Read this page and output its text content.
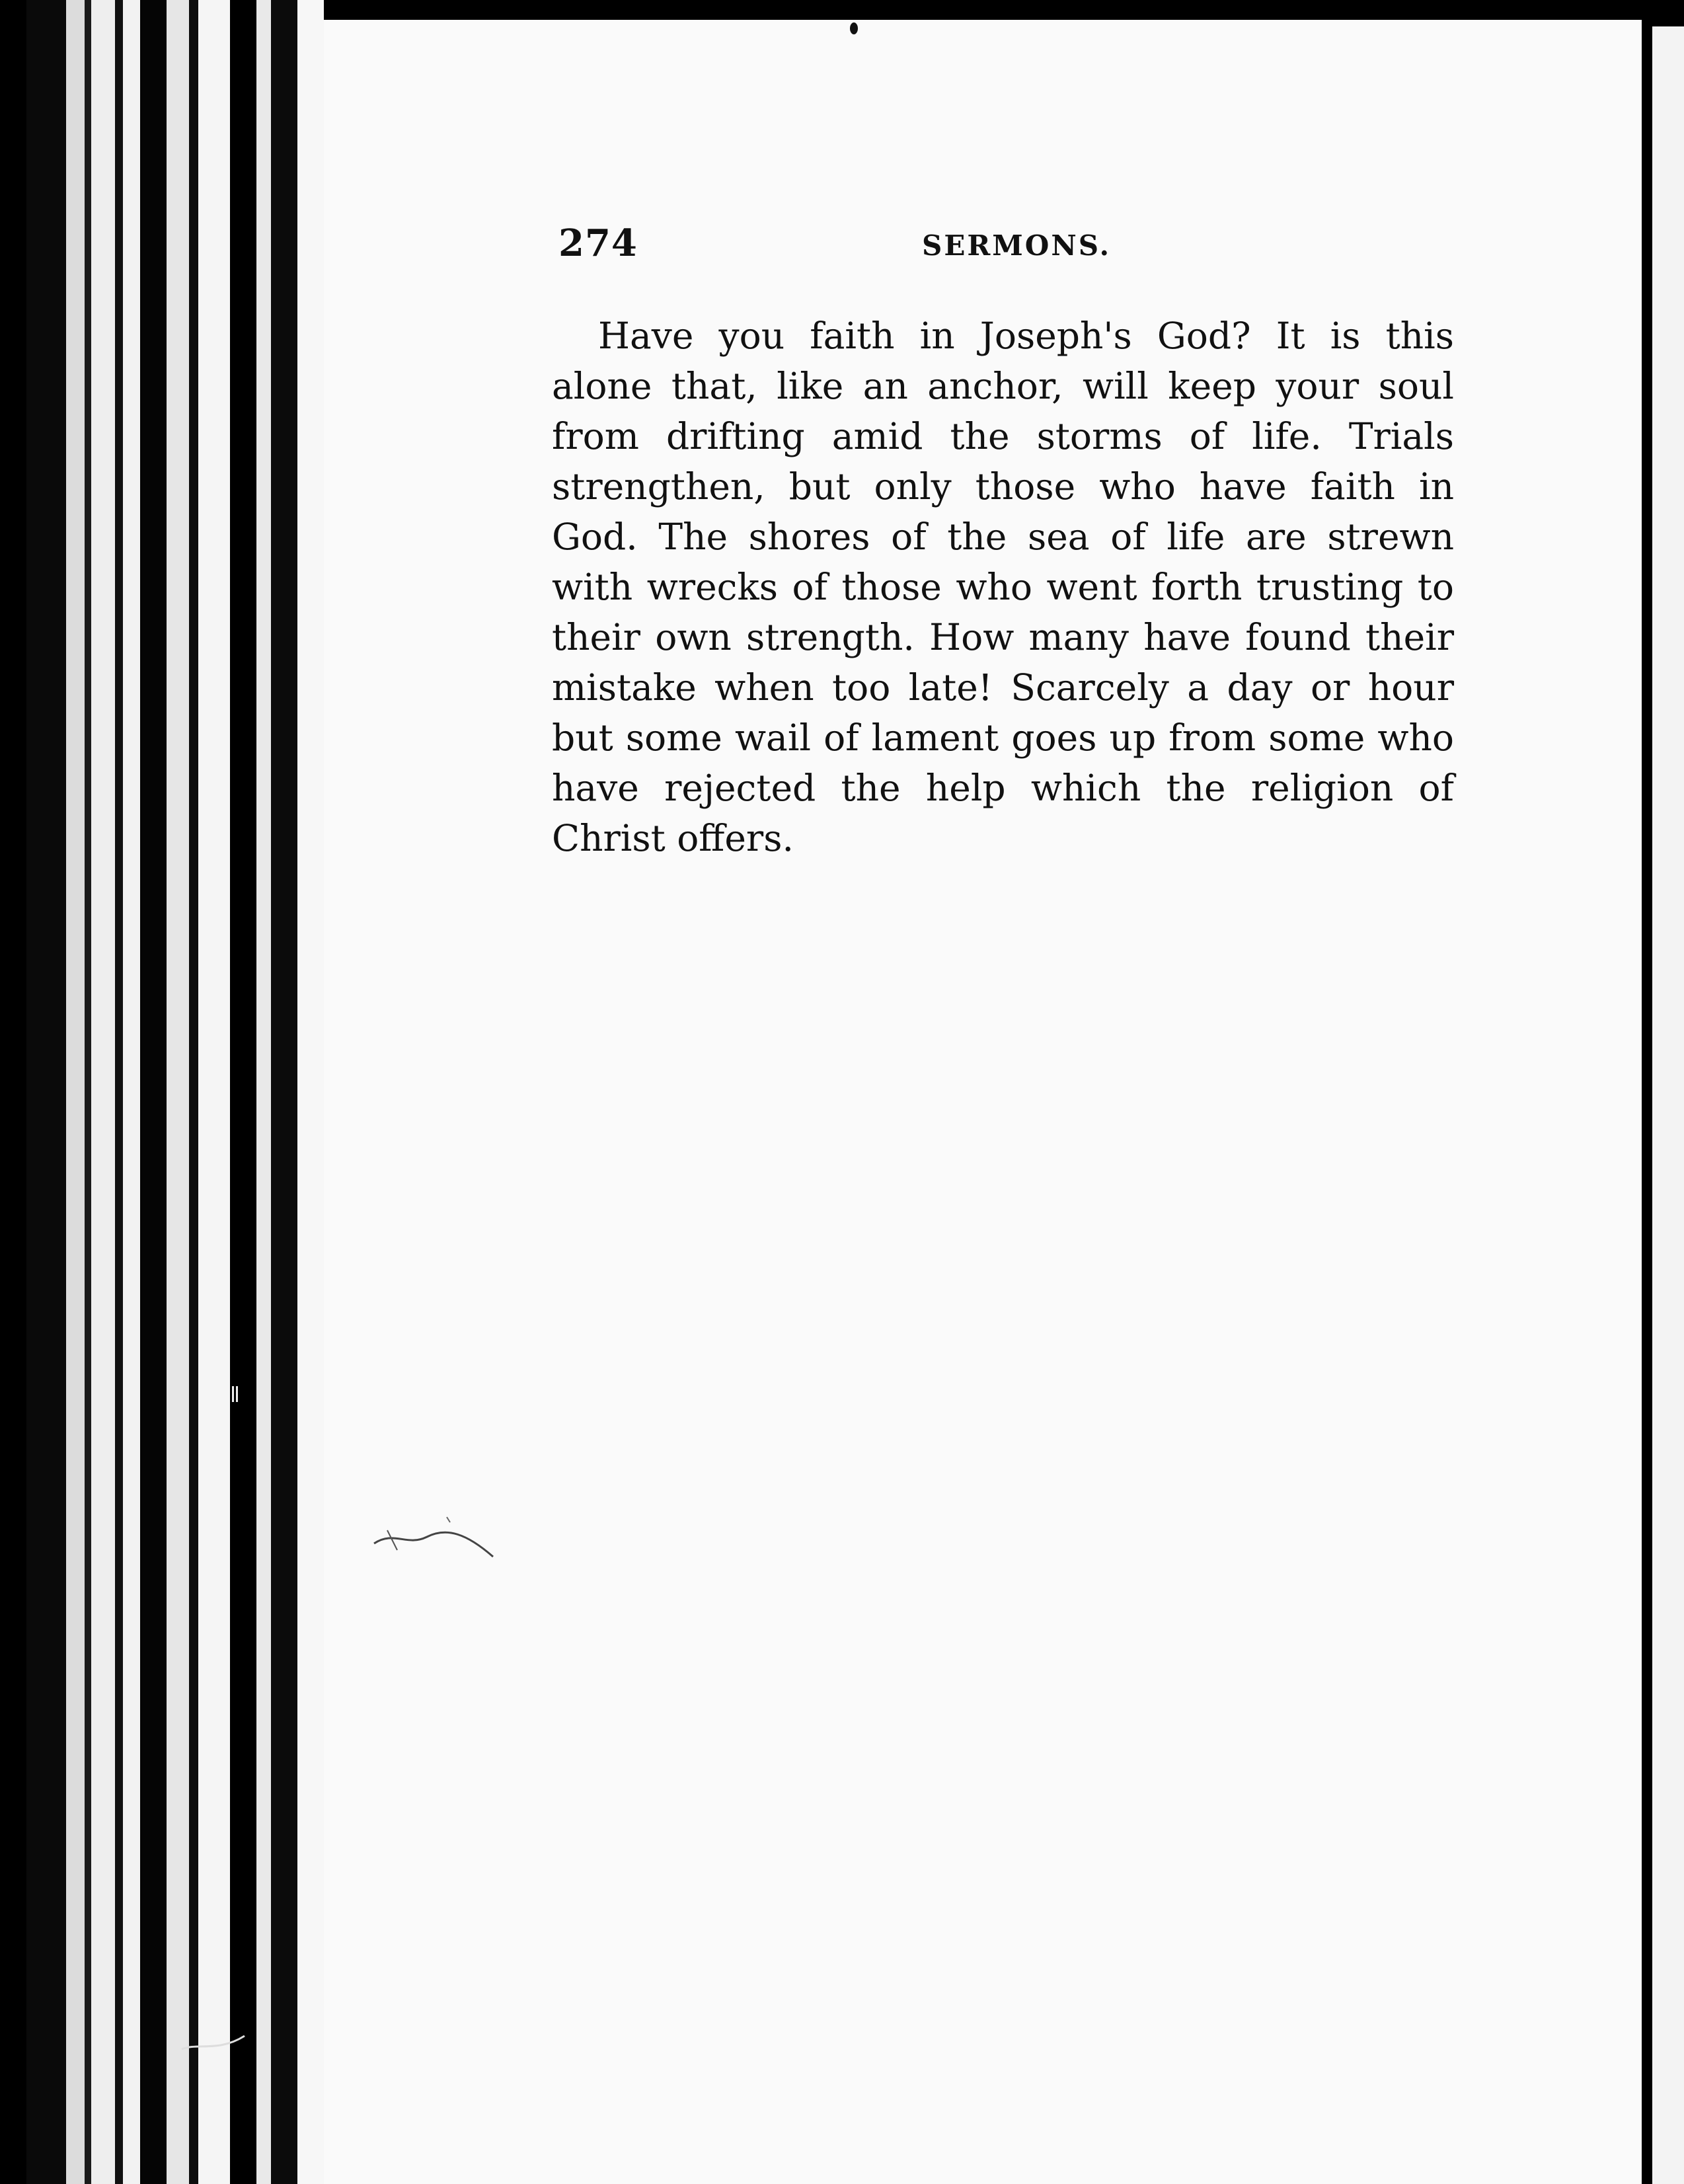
274	SERMONS.

Have you faith in Joseph's God? It is this alone that, like an anchor, will keep your soul from drifting amid the storms of life. Trials strengthen, but only those who have faith in God. The shores of the sea of life are strewn with wrecks of those who went forth trusting to their own strength. How many have found their mistake when too late! Scarcely a day or hour but some wail of lament goes up from some who have rejected the help which the religion of Christ offers.
